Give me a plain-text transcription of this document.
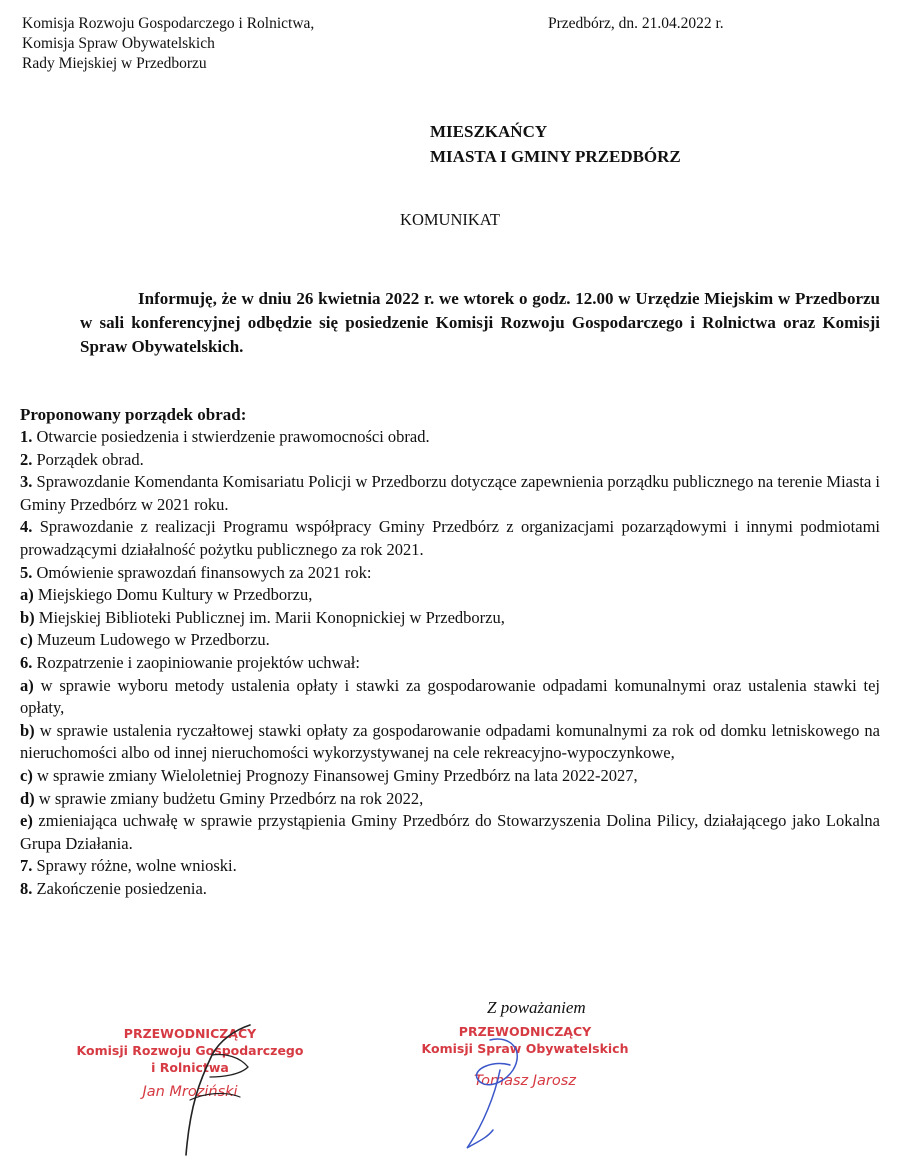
Komisja Rozwoju Gospodarczego i Rolnictwa,
Komisja Spraw Obywatelskich
Rady Miejskiej w Przedborzu
Przedbórz, dn. 21.04.2022 r.
MIESZKAŃCY
MIASTA I GMINY PRZEDBÓRZ
KOMUNIKAT
Informuję, że w dniu 26 kwietnia 2022 r. we wtorek o godz. 12.00 w Urzędzie Miejskim w Przedborzu w sali konferencyjnej odbędzie się posiedzenie Komisji Rozwoju Gospodarczego i Rolnictwa oraz Komisji Spraw Obywatelskich.
Proponowany porządek obrad:

1. Otwarcie posiedzenia i stwierdzenie prawomocności obrad.

2. Porządek obrad.

3. Sprawozdanie Komendanta Komisariatu Policji w Przedborzu dotyczące zapewnienia porządku publicznego na terenie Miasta i Gminy Przedbórz w 2021 roku.

4. Sprawozdanie z realizacji Programu współpracy Gminy Przedbórz z organizacjami pozarządowymi i innymi podmiotami prowadzącymi działalność pożytku publicznego za rok 2021.

5. Omówienie sprawozdań finansowych za 2021 rok:

a) Miejskiego Domu Kultury w Przedborzu,

b) Miejskiej Biblioteki Publicznej im. Marii Konopnickiej w Przedborzu,

c) Muzeum Ludowego w Przedborzu.

6. Rozpatrzenie i zaopiniowanie projektów uchwał:

a) w sprawie wyboru metody ustalenia opłaty i stawki za gospodarowanie odpadami komunalnymi oraz ustalenia stawki tej opłaty,

b) w sprawie ustalenia ryczałtowej stawki opłaty za gospodarowanie odpadami komunalnymi za rok od domku letniskowego na nieruchomości albo od innej nieruchomości wykorzystywanej na cele rekreacyjno-wypoczynkowe,

c) w sprawie zmiany Wieloletniej Prognozy Finansowej Gminy Przedbórz na lata 2022-2027,

d) w sprawie zmiany budżetu Gminy Przedbórz na rok 2022,

e) zmieniająca uchwałę w sprawie przystąpienia Gminy Przedbórz do Stowarzyszenia Dolina Pilicy, działającego jako Lokalna Grupa Działania.

7. Sprawy różne, wolne wnioski.

8. Zakończenie posiedzenia.

Z poważaniem
PRZEWODNICZĄCY
Komisji Rozwoju Gospodarczego
i Rolnictwa
Jan Mroziński
PRZEWODNICZĄCY
Komisji Spraw Obywatelskich
Tomasz Jarosz
